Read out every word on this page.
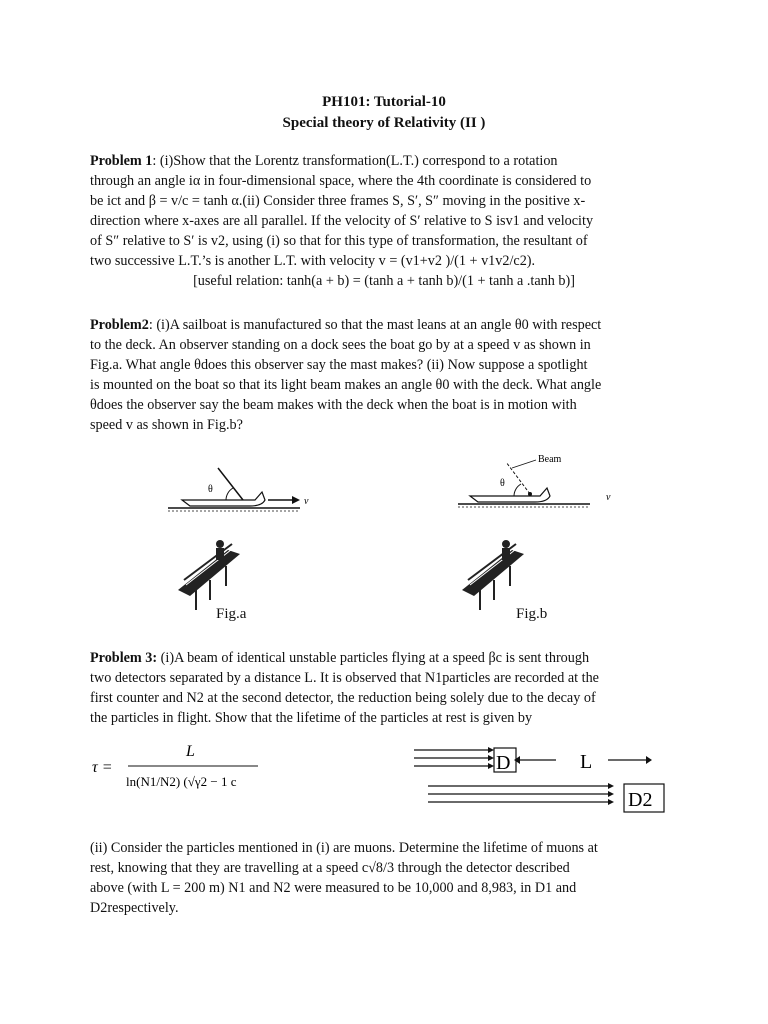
PH101: Tutorial-10
Special theory of Relativity (II )
Problem 1: (i)Show that the Lorentz transformation(L.T.) correspond to a rotation
through an angle iα in four-dimensional space, where the 4th coordinate is considered to
be ict and β = v/c = tanh α.(ii) Consider three frames S, S′, S″ moving in the positive x-
direction where x-axes are all parallel. If the velocity of S′ relative to S isv1 and velocity
of S″ relative to S′ is v2, using (i) so that for this type of transformation, the resultant of
two successive L.T.’s is another L.T. with velocity v = (v1+v2 )/(1 + v1v2/c2).
[useful relation: tanh(a + b) = (tanh a + tanh b)/(1 + tanh a .tanh b)]
Problem2: (i)A sailboat is manufactured so that the mast leans at an angle θ0 with respect
to the deck. An observer standing on a dock sees the boat go by at a speed v as shown in
Fig.a. What angle θdoes this observer say the mast makes? (ii) Now suppose a spotlight
is mounted on the boat so that its light beam makes an angle θ0 with the deck. What angle
θdoes the observer say the beam makes with the deck when the boat is in motion with
speed v as shown in Fig.b?
θ
v
θ
Beam
v
Fig.a	Fig.b
Problem 3: (i)A beam of identical unstable particles flying at a speed βc is sent through
two detectors separated by a distance L. It is observed that N1particles are recorded at the
first counter and N2 at the second detector, the reduction being solely due to the decay of
the particles in flight. Show that the lifetime of the particles at rest is given by
τ =
L
ln(N1/N2) (√γ2 − 1 c
D	L
D2
(ii) Consider the particles mentioned in (i) are muons. Determine the lifetime of muons at
rest, knowing that they are travelling at a speed c√8/3 through the detector described
above (with L = 200 m) N1 and N2 were measured to be 10,000 and 8,983, in D1 and
D2respectively.
